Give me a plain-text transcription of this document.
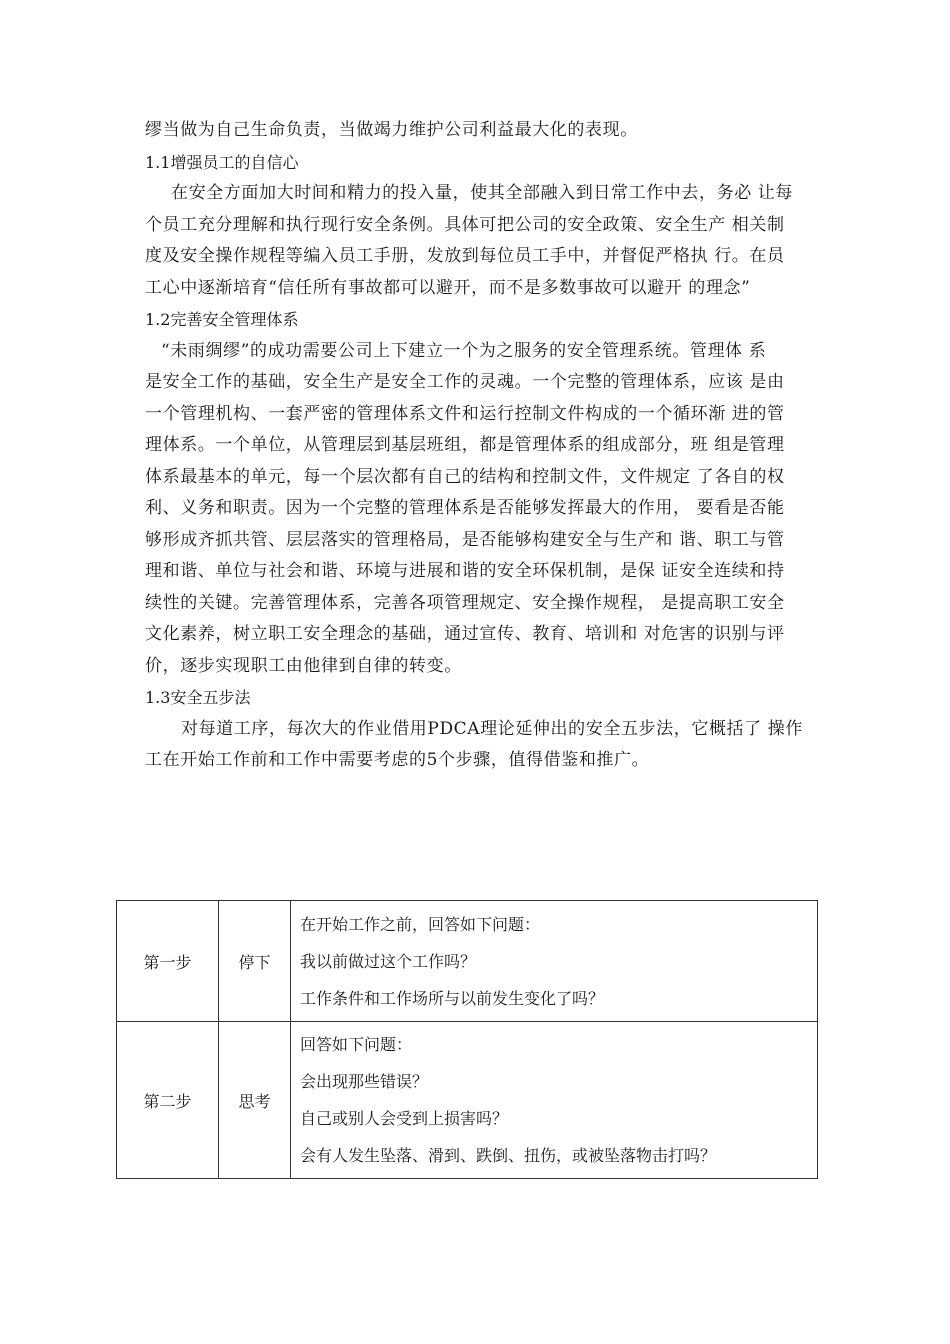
缪当做为自己生命负责，当做竭力维护公司利益最大化的表现。
1.1增强员工的自信心
在安全方面加大时间和精力的投入量，使其全部融入到日常工作中去，务必 让每
个员工充分理解和执行现行安全条例。具体可把公司的安全政策、安全生产 相关制
度及安全操作规程等编入员工手册，发放到每位员工手中，并督促严格执 行。在员
工心中逐渐培育“信任所有事故都可以避开，而不是多数事故可以避开 的理念”
1.2完善安全管理体系
“未雨绸缪”的成功需要公司上下建立一个为之服务的安全管理系统。管理体 系
是安全工作的基础，安全生产是安全工作的灵魂。一个完整的管理体系，应该 是由
一个管理机构、一套严密的管理体系文件和运行控制文件构成的一个循环渐 进的管
理体系。一个单位，从管理层到基层班组，都是管理体系的组成部分，班 组是管理
体系最基本的单元，每一个层次都有自己的结构和控制文件，文件规定 了各自的权
利、义务和职责。因为一个完整的管理体系是否能够发挥最大的作用， 要看是否能
够形成齐抓共管、层层落实的管理格局，是否能够构建安全与生产和 谐、职工与管
理和谐、单位与社会和谐、环境与进展和谐的安全环保机制，是保 证安全连续和持
续性的关键。完善管理体系，完善各项管理规定、安全操作规程， 是提高职工安全
文化素养，树立职工安全理念的基础，通过宣传、教育、培训和 对危害的识别与评
价，逐步实现职工由他律到自律的转变。
1.3安全五步法
对每道工序，每次大的作业借用PDCA理论延伸出的安全五步法，它概括了 操作
工在开始工作前和工作中需要考虑的5个步骤，值得借鉴和推广。
第一步	停下	在开始工作之前，回答如下问题：
我以前做过这个工作吗？
工作条件和工作场所与以前发生变化了吗？

第二步	思考	回答如下问题：
会出现那些错误？
自己或别人会受到上损害吗？
会有人发生坠落、滑到、跌倒、扭伤，或被坠落物击打吗？
